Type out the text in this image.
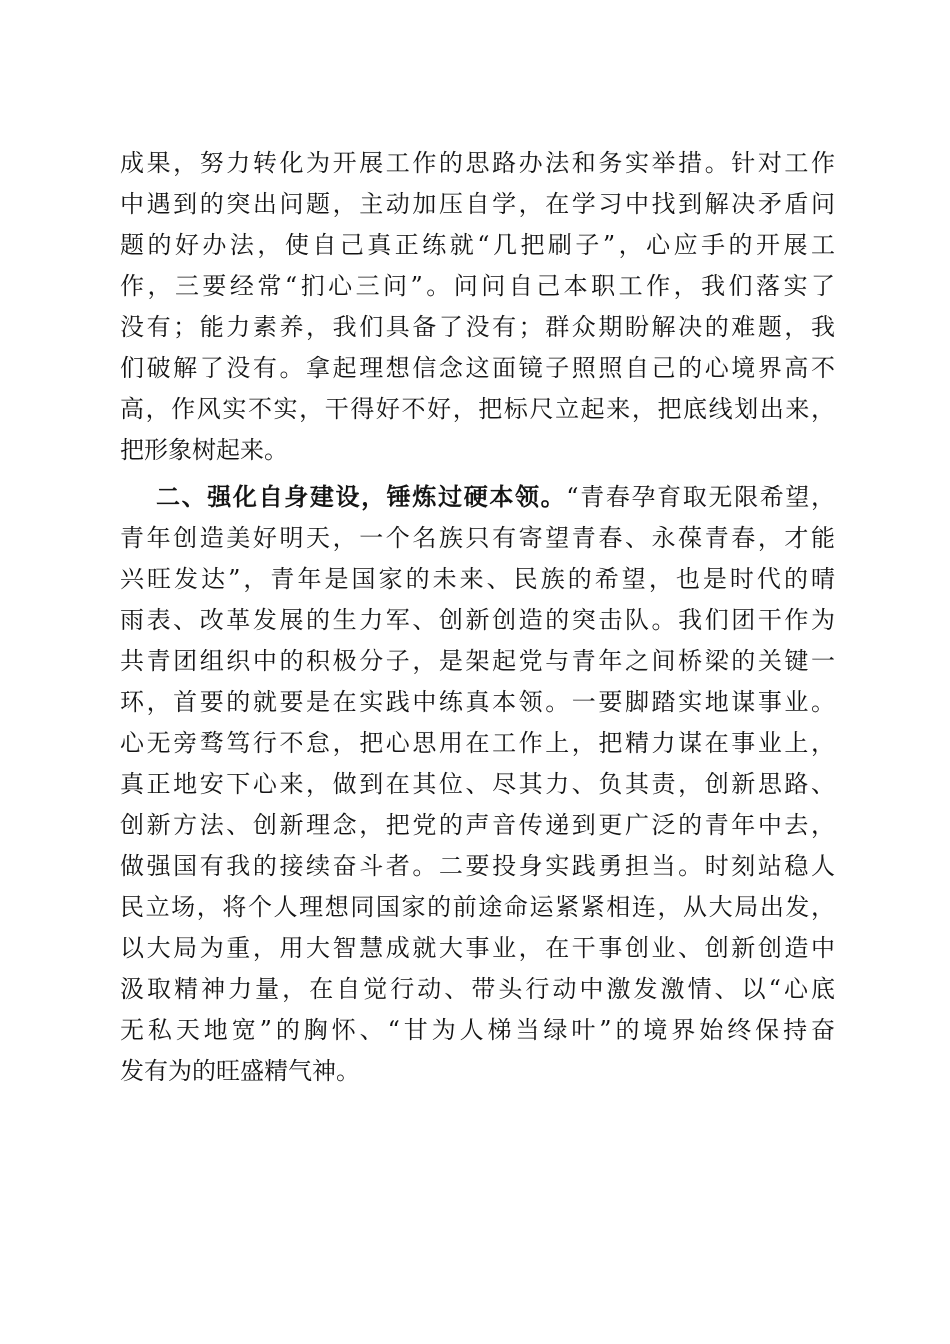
成果，努力转化为开展工作的思路办法和务实举措。针对工作
中遇到的突出问题，主动加压自学，在学习中找到解决矛盾问
题的好办法，使自己真正练就“几把刷子”，心应手的开展工
作，三要经常“扪心三问”。问问自己本职工作，我们落实了
没有；能力素养，我们具备了没有；群众期盼解决的难题，我
们破解了没有。拿起理想信念这面镜子照照自己的心境界高不
高，作风实不实，干得好不好，把标尺立起来，把底线划出来，
把形象树起来。
二、强化自身建设，锤炼过硬本领。“青春孕育取无限希望，
青年创造美好明天，一个名族只有寄望青春、永葆青春，才能
兴旺发达”，青年是国家的未来、民族的希望，也是时代的晴
雨表、改革发展的生力军、创新创造的突击队。我们团干作为
共青团组织中的积极分子，是架起党与青年之间桥梁的关键一
环，首要的就要是在实践中练真本领。一要脚踏实地谋事业。
心无旁骛笃行不怠，把心思用在工作上，把精力谋在事业上，
真正地安下心来，做到在其位、尽其力、负其责，创新思路、
创新方法、创新理念，把党的声音传递到更广泛的青年中去，
做强国有我的接续奋斗者。二要投身实践勇担当。时刻站稳人
民立场，将个人理想同国家的前途命运紧紧相连，从大局出发，
以大局为重，用大智慧成就大事业，在干事创业、创新创造中
汲取精神力量，在自觉行动、带头行动中激发激情、以“心底
无私天地宽”的胸怀、“甘为人梯当绿叶”的境界始终保持奋
发有为的旺盛精气神。
